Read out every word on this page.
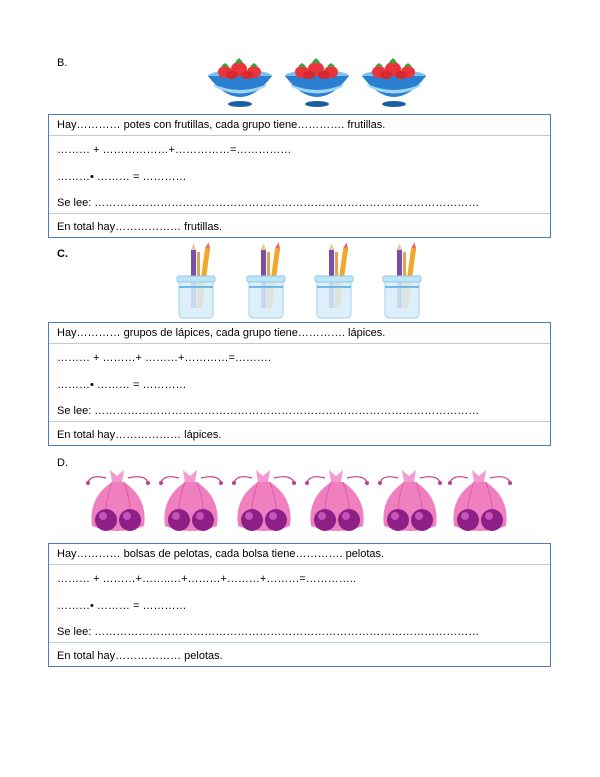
B.
Hay………… potes con frutillas, cada grupo tiene…………. frutillas.
……… + ………………+……………=……………
………• ……… = …………
Se lee: ……………………………………………………………………………………………
En total hay……………… frutillas.
C.
Hay………… grupos de lápices, cada grupo tiene…………. lápices.
……… + ………+ ………+…………=……….
………• ……… = …………
Se lee: ……………………………………………………………………………………………
En total hay……………… lápices.
D.
Hay………… bolsas de pelotas, cada bolsa tiene…………. pelotas.
……… + ………+……..…+………+………+………=…………..
………• ……… = …………
Se lee: ……………………………………………………………………………………………
En total hay……………… pelotas.
